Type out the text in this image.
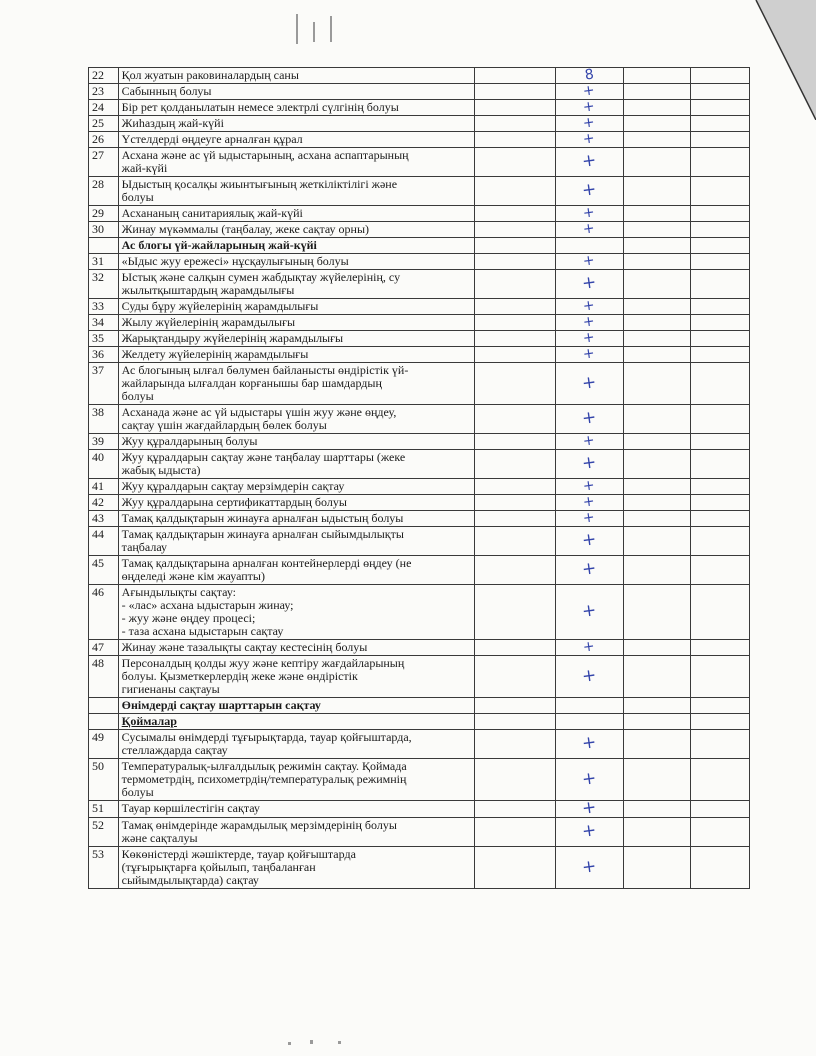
22	Қол жуатын раковиналардың саны		8		
23	Сабынның болуы		+		
24	Бір рет қолданылатын немесе электрлі сүлгінің болуы		+		
25	Жиһаздың жай-күйі		+		
26	Үстелдерді өңдеуге арналған құрал		+		
27	Асхана және ас үй ыдыстарының, асхана аспаптарының
жай-күйі		+		
28	Ыдыстың қосалқы жиынтығының жеткіліктілігі және
болуы		+		
29	Асхананың санитариялық жай-күйі		+		
30	Жинау мүкәммалы (таңбалау, жеке сақтау орны)		+		
	Ас блогы үй-жайларының жай-күйі				
31	«Ыдыс жуу ережесі» нұсқаулығының болуы		+		
32	Ыстық және салқын сумен жабдықтау жүйелерінің, су
жылытқыштардың жарамдылығы		+		
33	Суды бұру жүйелерінің жарамдылығы		+		
34	Жылу жүйелерінің жарамдылығы		+		
35	Жарықтандыру жүйелерінің жарамдылығы		+		
36	Желдету жүйелерінің жарамдылығы		+		
37	Ас блогының ылғал бөлумен байланысты өндірістік үй-
жайларында ылғалдан корғанышы бар шамдардың
болуы		+		
38	Асханада және ас үй ыдыстары үшін жуу және өңдеу,
сақтау үшін жағдайлардың бөлек болуы		+		
39	Жуу құралдарының болуы		+		
40	Жуу құралдарын сақтау және таңбалау шарттары (жеке
жабық ыдыста)		+		
41	Жуу құралдарын сақтау мерзімдерін сақтау		+		
42	Жуу құралдарына сертификаттардың болуы		+		
43	Тамақ қалдықтарын жинауға арналған ыдыстың болуы		+		
44	Тамақ қалдықтарын жинауға арналған сыйымдылықты
таңбалау		+		
45	Тамақ қалдықтарына арналған контейнерлерді өңдеу (не
өңделеді және кім жауапты)		+		
46	Ағындылықты сақтау:
- «лас» асхана ыдыстарын жинау;
- жуу және өңдеу процесі;
- таза асхана ыдыстарын сақтау		+		
47	Жинау және тазалықты сақтау кестесінің болуы		+		
48	Персоналдың қолды жуу және кептіру жағдайларының
болуы. Қызметкерлердің жеке және өндірістік
гигиенаны сақтауы		+		
	Өнімдерді сақтау шарттарын сақтау				
	Қоймалар				
49	Сусымалы өнімдерді тұғырықтарда, тауар қойғыштарда,
стеллаждарда сақтау		+		
50	Температуралық-ылғалдылық режимін сақтау. Қоймада
термометрдің, психометрдің/температуралық режимнің
болуы		+		
51	Тауар көршілестігін сақтау		+		
52	Тамақ өнімдерінде жарамдылық мерзімдерінің болуы
және сақталуы		+		
53	Көкөністерді жәшіктерде, тауар қойғыштарда
(тұғырықтарға қойылып, таңбаланған
сыйымдылықтарда) сақтау		+		
